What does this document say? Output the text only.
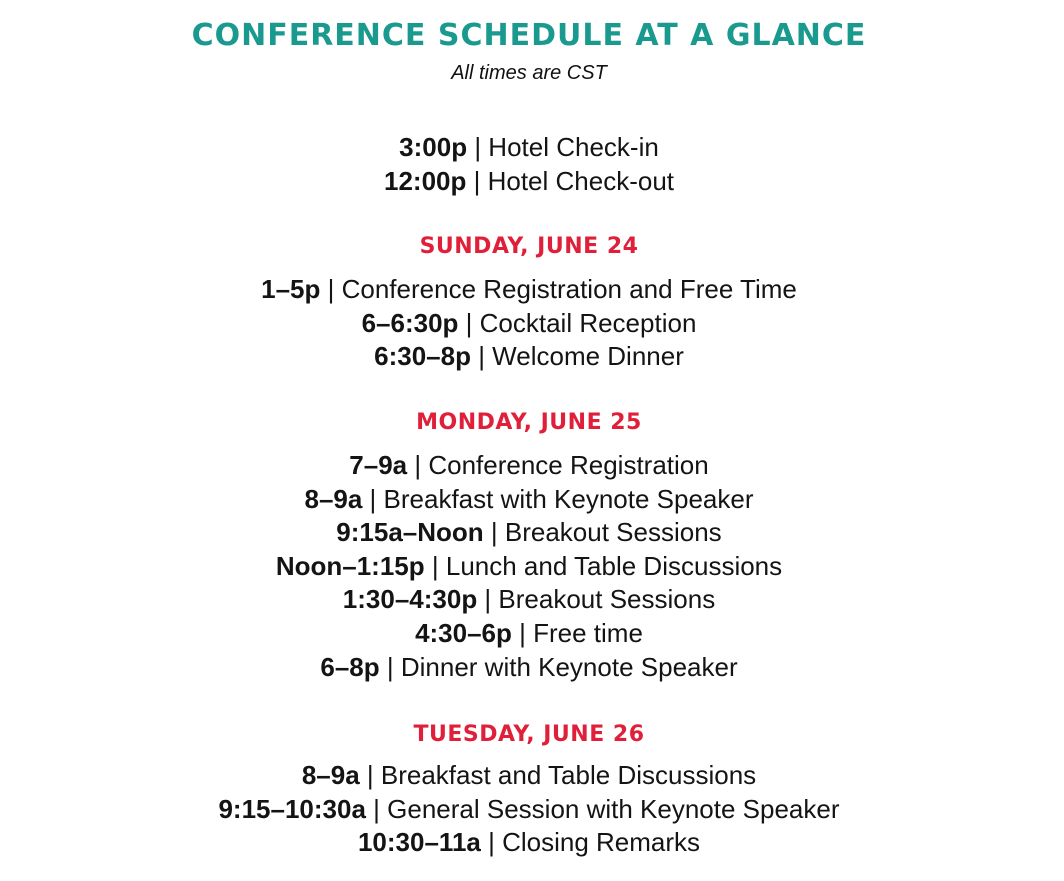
CONFERENCE SCHEDULE AT A GLANCE
All times are CST
3:00p | Hotel Check-in
12:00p | Hotel Check-out
SUNDAY, JUNE 24
1–5p | Conference Registration and Free Time
6–6:30p | Cocktail Reception
6:30–8p | Welcome Dinner
MONDAY, JUNE 25
7–9a | Conference Registration
8–9a | Breakfast with Keynote Speaker
9:15a–Noon | Breakout Sessions
Noon–1:15p | Lunch and Table Discussions
1:30–4:30p | Breakout Sessions
4:30–6p | Free time
6–8p | Dinner with Keynote Speaker
TUESDAY, JUNE 26
8–9a | Breakfast and Table Discussions
9:15–10:30a | General Session with Keynote Speaker
10:30–11a | Closing Remarks
